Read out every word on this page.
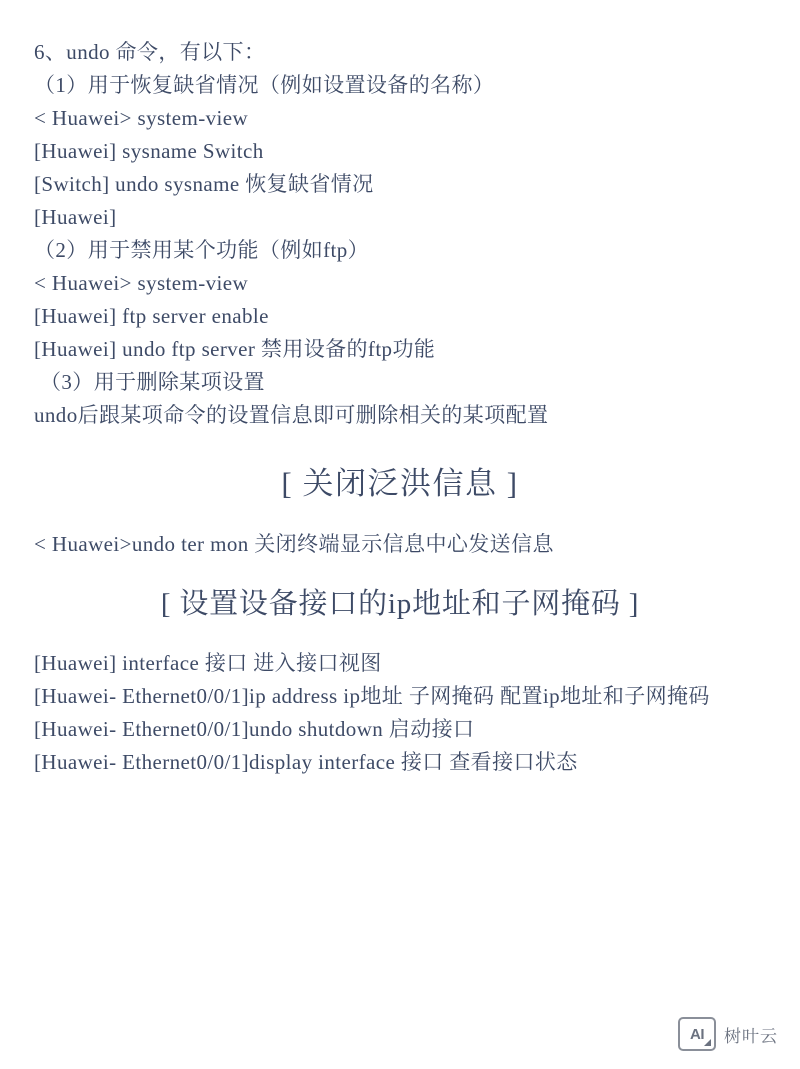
6、undo 命令，有以下：
（1）用于恢复缺省情况（例如设置设备的名称）
< Huawei> system-view
[Huawei] sysname Switch
[Switch] undo sysname 恢复缺省情况
[Huawei]
（2）用于禁用某个功能（例如ftp）
< Huawei> system-view
[Huawei] ftp server enable
[Huawei] undo ftp server 禁用设备的ftp功能
（3）用于删除某项设置
undo后跟某项命令的设置信息即可删除相关的某项配置
[ 关闭泛洪信息 ]
< Huawei>undo ter mon 关闭终端显示信息中心发送信息
[ 设置设备接口的ip地址和子网掩码 ]
[Huawei] interface 接口 进入接口视图
[Huawei- Ethernet0/0/1]ip address ip地址 子网掩码 配置ip地址和子网掩码
[Huawei- Ethernet0/0/1]undo shutdown 启动接口
[Huawei- Ethernet0/0/1]display interface 接口 查看接口状态
AI 树叶云
